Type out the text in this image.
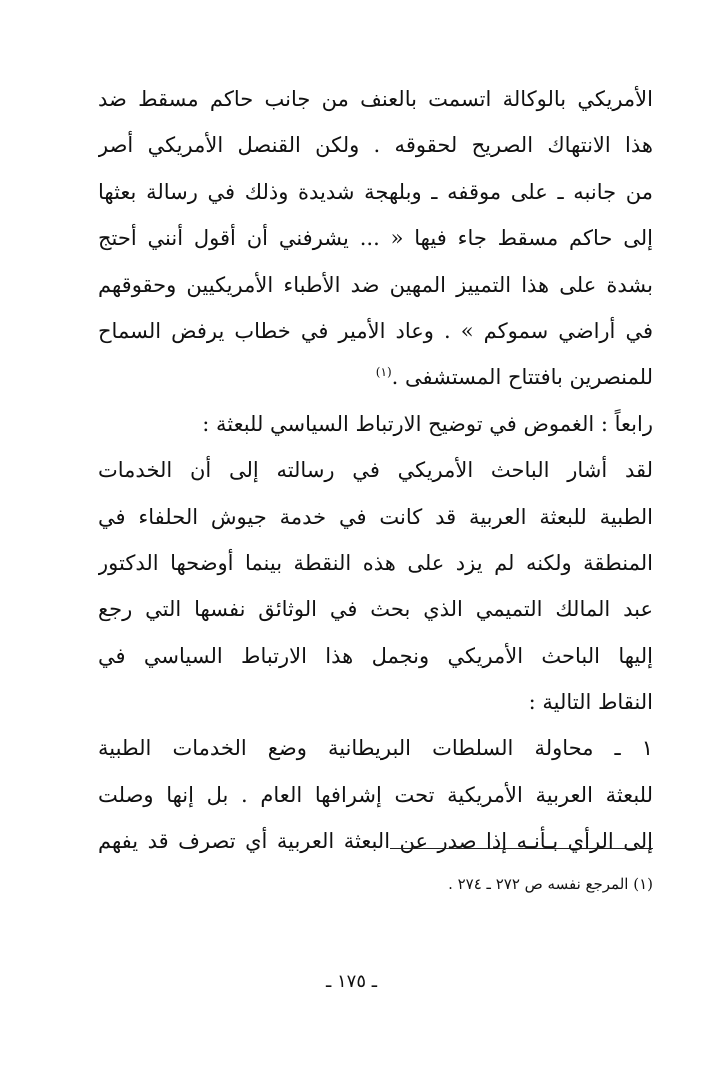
الأمريكي بالوكالة اتسمت بالعنف من جانب حاكم مسقط ضد
هذا الانتهاك الصريح لحقوقه . ولكن القنصل الأمريكي أصر
من جانبه ـ على موقفه ـ وبلهجة شديدة وذلك في رسالة بعثها
إلى حاكم مسقط جاء فيها « ... يشرفني أن أقول أنني أحتج
بشدة على هذا التمييز المهين ضد الأطباء الأمريكيين وحقوقهم
في أراضي سموكم » . وعاد الأمير في خطاب يرفض السماح
للمنصرين بافتتاح المستشفى .$^{(١)}$
رابعاً : الغموض في توضيح الارتباط السياسي للبعثة :
لقد أشار الباحث الأمريكي في رسالته إلى أن الخدمات
الطبية للبعثة العربية قد كانت في خدمة جيوش الحلفاء في
المنطقة ولكنه لم يزد على هذه النقطة بينما أوضحها الدكتور
عبد المالك التميمي الذي بحث في الوثائق نفسها التي رجع
إليها الباحث الأمريكي ونجمل هذا الارتباط السياسي في
النقاط التالية :
١ ـ محاولة السلطات البريطانية وضع الخدمات الطبية
للبعثة العربية الأمريكية تحت إشرافها العام . بل إنها وصلت
إلى الرأي بـأنـه إذا صدر عن البعثة العربية أي تصرف قد يفهم
(١) المرجع نفسه ص ٢٧٢ ـ ٢٧٤ .
ـ ١٧٥ ـ
